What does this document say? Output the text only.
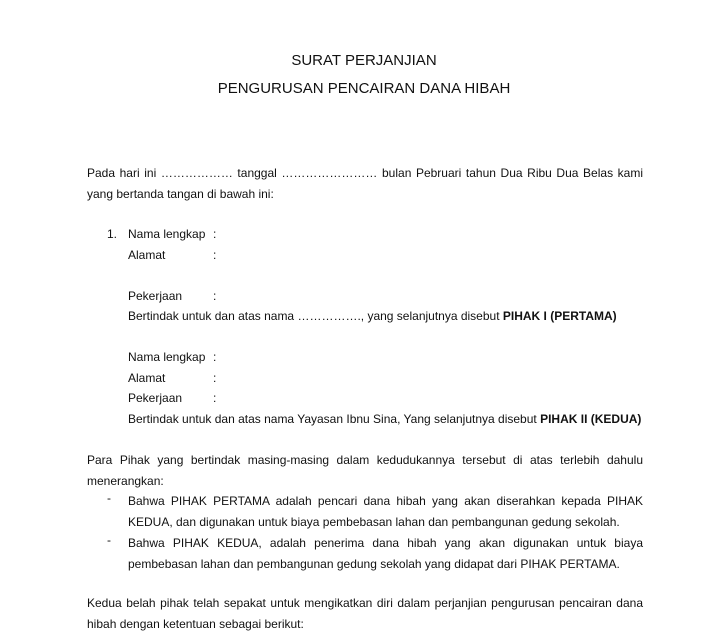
SURAT PERJANJIAN
PENGURUSAN PENCAIRAN DANA HIBAH
Pada hari ini ……………… tanggal …………………… bulan Pebruari tahun Dua Ribu Dua Belas kami yang bertanda tangan di bawah ini:
1. Nama lengkap :
Alamat	:
Pekerjaan	:
Bertindak untuk dan atas nama ……………., yang selanjutnya disebut PIHAK I (PERTAMA)
Nama lengkap :
Alamat	:
Pekerjaan	:
Bertindak untuk dan atas nama Yayasan Ibnu Sina, Yang selanjutnya disebut PIHAK II (KEDUA)
Para Pihak yang bertindak masing-masing dalam kedudukannya tersebut di atas terlebih dahulu menerangkan:
- Bahwa PIHAK PERTAMA adalah pencari dana hibah yang akan diserahkan kepada PIHAK KEDUA, dan digunakan untuk biaya pembebasan lahan dan pembangunan gedung sekolah.
- Bahwa PIHAK KEDUA, adalah penerima dana hibah yang akan digunakan untuk biaya pembebasan lahan dan pembangunan gedung sekolah yang didapat dari PIHAK PERTAMA.
Kedua belah pihak telah sepakat untuk mengikatkan diri dalam perjanjian pengurusan pencairan dana hibah dengan ketentuan sebagai berikut:
